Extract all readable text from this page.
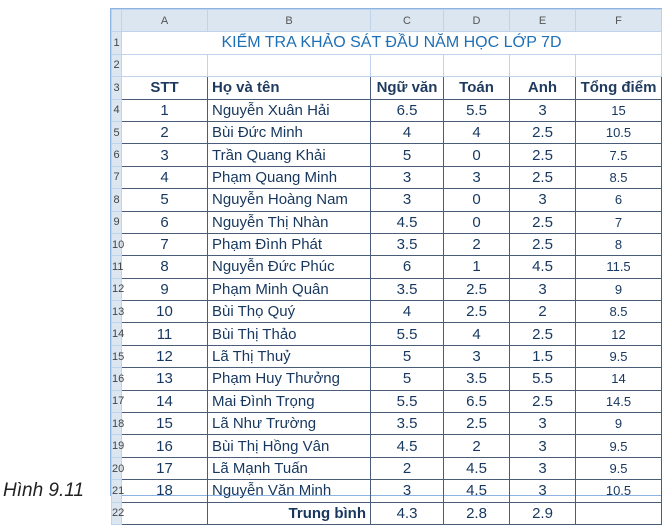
Hình 9.11
	A	B	C	D	E	F
1	KIỂM TRA KHẢO SÁT ĐẦU NĂM HỌC LỚP 7D					
2						
3	STT	Họ và tên	Ngữ văn	Toán	Anh	Tổng điểm
4	1	Nguyễn Xuân Hải	6.5	5.5	3	15
5	2	Bùi Đức Minh	4	4	2.5	10.5
6	3	Trần Quang Khải	5	0	2.5	7.5
7	4	Phạm Quang Minh	3	3	2.5	8.5
8	5	Nguyễn Hoàng Nam	3	0	3	6
9	6	Nguyễn Thị Nhàn	4.5	0	2.5	7
10	7	Phạm Đình Phát	3.5	2	2.5	8
11	8	Nguyễn Đức Phúc	6	1	4.5	11.5
12	9	Phạm Minh Quân	3.5	2.5	3	9
13	10	Bùi Thọ Quý	4	2.5	2	8.5
14	11	Bùi Thị Thảo	5.5	4	2.5	12
15	12	Lã Thị Thuỷ	5	3	1.5	9.5
16	13	Phạm Huy Thưởng	5	3.5	5.5	14
17	14	Mai Đình Trọng	5.5	6.5	2.5	14.5
18	15	Lã Như Trường	3.5	2.5	3	9
19	16	Bùi Thị Hồng Vân	4.5	2	3	9.5
20	17	Lã Mạnh Tuấn	2	4.5	3	9.5
21	18	Nguyễn Văn Minh	3	4.5	3	10.5
22		Trung bình	4.3	2.8	2.9	
